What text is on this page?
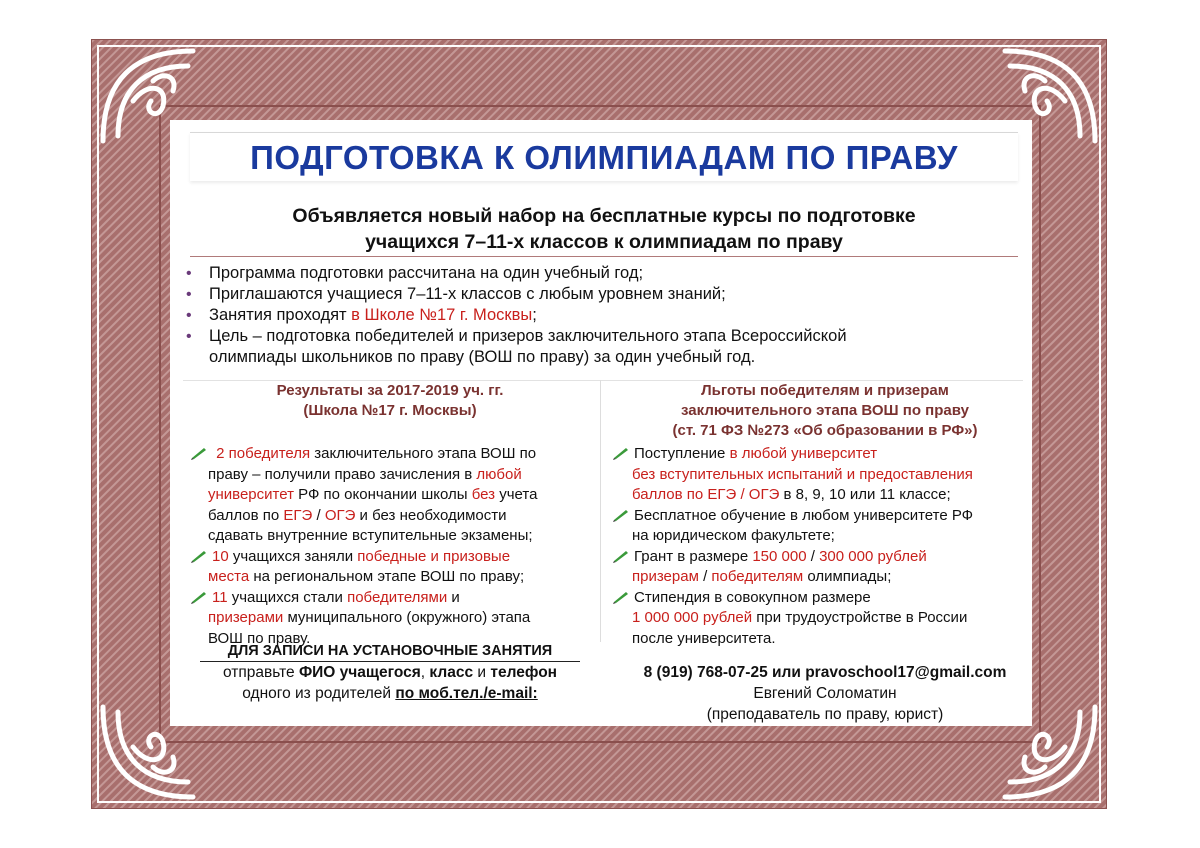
ПОДГОТОВКА К ОЛИМПИАДАМ ПО ПРАВУ
Объявляется новый набор на бесплатные курсы по подготовке
учащихся 7–11-х классов к олимпиадам по праву
• Программа подготовки рассчитана на один учебный год;
• Приглашаются учащиеся 7–11-х классов с любым уровнем знаний;
• Занятия проходят в Школе №17 г. Москвы;
• Цель – подготовка победителей и призеров заключительного этапа Всероссийской
олимпиады школьников по праву (ВОШ по праву) за один учебный год.
Результаты за 2017-2019 уч. гг.
(Школа №17 г. Москвы)
2 победителя заключительного этапа ВОШ по
праву – получили право зачисления в любой
университет РФ по окончании школы без учета
баллов по ЕГЭ / ОГЭ и без необходимости
сдавать внутренние вступительные экзамены;
10 учащихся заняли победные и призовые
места на региональном этапе ВОШ по праву;
11 учащихся стали победителями и
призерами муниципального (окружного) этапа
ВОШ по праву.
Льготы победителям и призерам
заключительного этапа ВОШ по праву
(ст. 71 ФЗ №273 «Об образовании в РФ»)
Поступление в любой университет
без вступительных испытаний и предоставления
баллов по ЕГЭ / ОГЭ в 8, 9, 10 или 11 классе;
Бесплатное обучение в любом университете РФ
на юридическом факультете;
Грант в размере 150 000 / 300 000 рублей
призерам / победителям олимпиады;
Стипендия в совокупном размере
1 000 000 рублей при трудоустройстве в России
после университета.
ДЛЯ ЗАПИСИ НА УСТАНОВОЧНЫЕ ЗАНЯТИЯ
отправьте ФИО учащегося, класс и телефон
одного из родителей по моб.тел./e-mail:
8 (919) 768-07-25 или pravoschool17@gmail.com
Евгений Соломатин
(преподаватель по праву, юрист)
